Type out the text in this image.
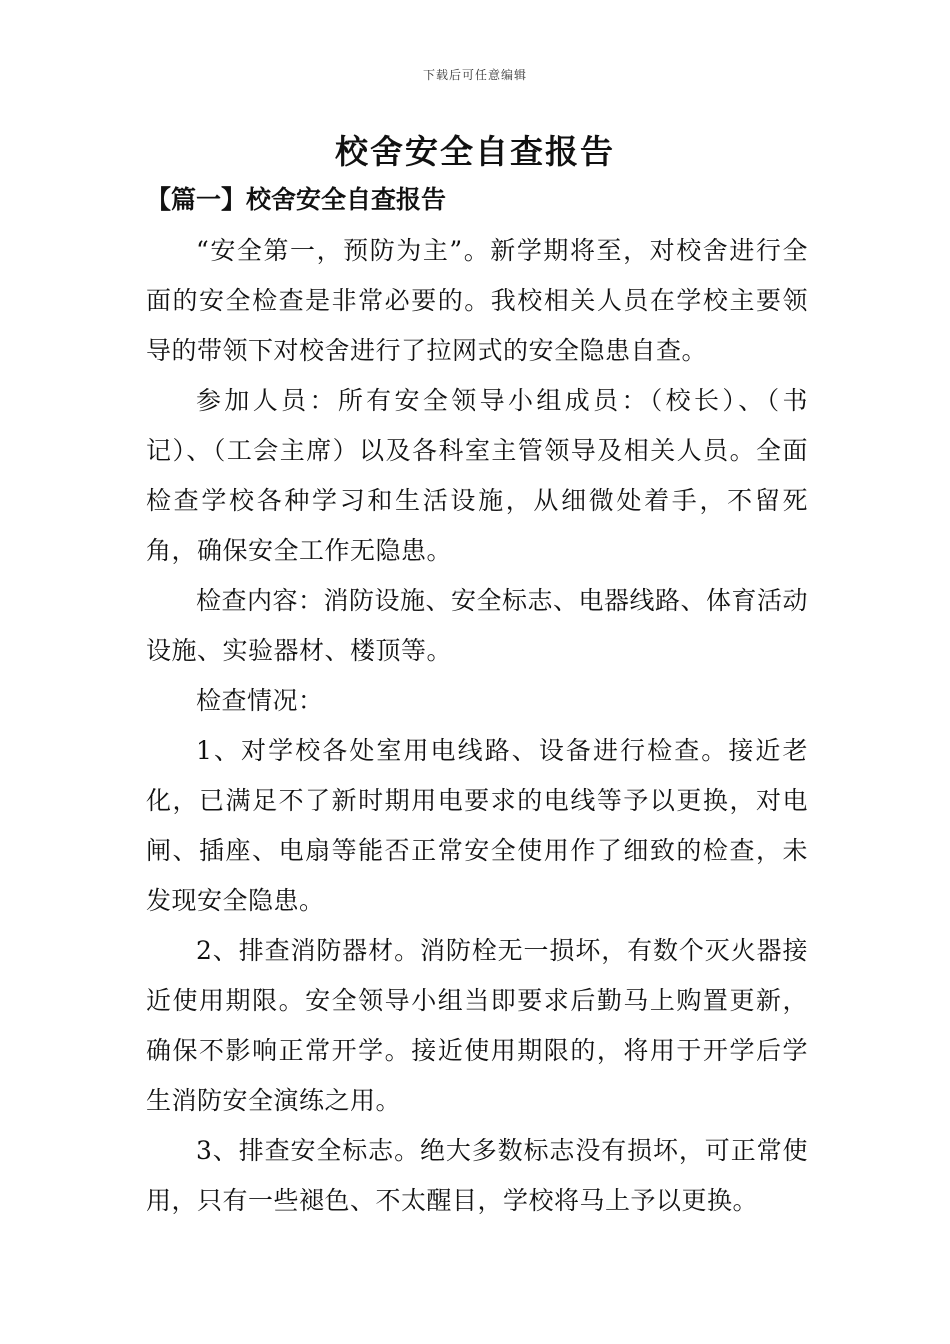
下载后可任意编辑
校舍安全自查报告
【篇一】校舍安全自查报告

“安全第一，预防为主”。新学期将至，对校舍进行全面的安全检查是非常必要的。我校相关人员在学校主要领导的带领下对校舍进行了拉网式的安全隐患自查。

参加人员：所有安全领导小组成员：（校长）、（书记）、（工会主席）以及各科室主管领导及相关人员。全面检查学校各种学习和生活设施，从细微处着手，不留死角，确保安全工作无隐患。

检查内容：消防设施、安全标志、电器线路、体育活动设施、实验器材、楼顶等。

检查情况：

1、对学校各处室用电线路、设备进行检查。接近老化，已满足不了新时期用电要求的电线等予以更换，对电闸、插座、电扇等能否正常安全使用作了细致的检查，未发现安全隐患。

2、排查消防器材。消防栓无一损坏，有数个灭火器接近使用期限。安全领导小组当即要求后勤马上购置更新，确保不影响正常开学。接近使用期限的，将用于开学后学生消防安全演练之用。

3、排查安全标志。绝大多数标志没有损坏，可正常使用，只有一些褪色、不太醒目，学校将马上予以更换。
